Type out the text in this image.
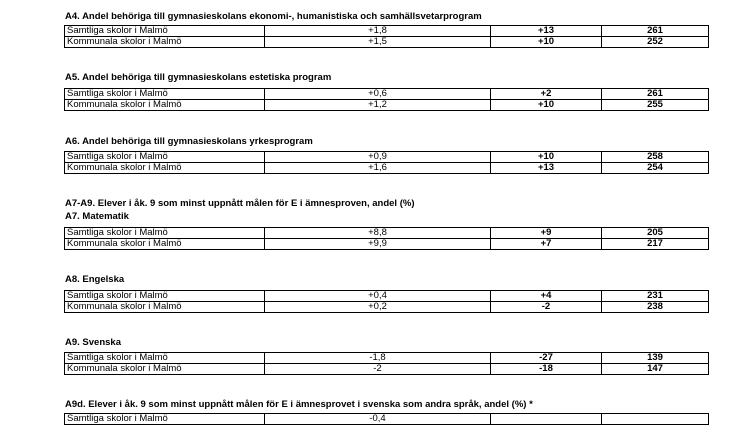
A4. Andel behöriga till gymnasieskolans ekonomi-, humanistiska och samhällsvetarprogram
Samtliga skolor i Malmö	+1,8	+13	261
Kommunala skolor i Malmö	+1,5	+10	252
A5. Andel behöriga till gymnasieskolans estetiska program
Samtliga skolor i Malmö	+0,6	+2	261
Kommunala skolor i Malmö	+1,2	+10	255
A6. Andel behöriga till gymnasieskolans yrkesprogram
Samtliga skolor i Malmö	+0,9	+10	258
Kommunala skolor i Malmö	+1,6	+13	254
A7-A9. Elever i åk. 9 som minst uppnått målen för E i ämnesproven, andel (%)
A7. Matematik
Samtliga skolor i Malmö	+8,8	+9	205
Kommunala skolor i Malmö	+9,9	+7	217
A8. Engelska
Samtliga skolor i Malmö	+0,4	+4	231
Kommunala skolor i Malmö	+0,2	-2	238
A9. Svenska
Samtliga skolor i Malmö	-1,8	-27	139
Kommunala skolor i Malmö	-2	-18	147
A9d. Elever i åk. 9 som minst uppnått målen för E i ämnesprovet i svenska som andra språk, andel (%) *
Samtliga skolor i Malmö	-0,4		
